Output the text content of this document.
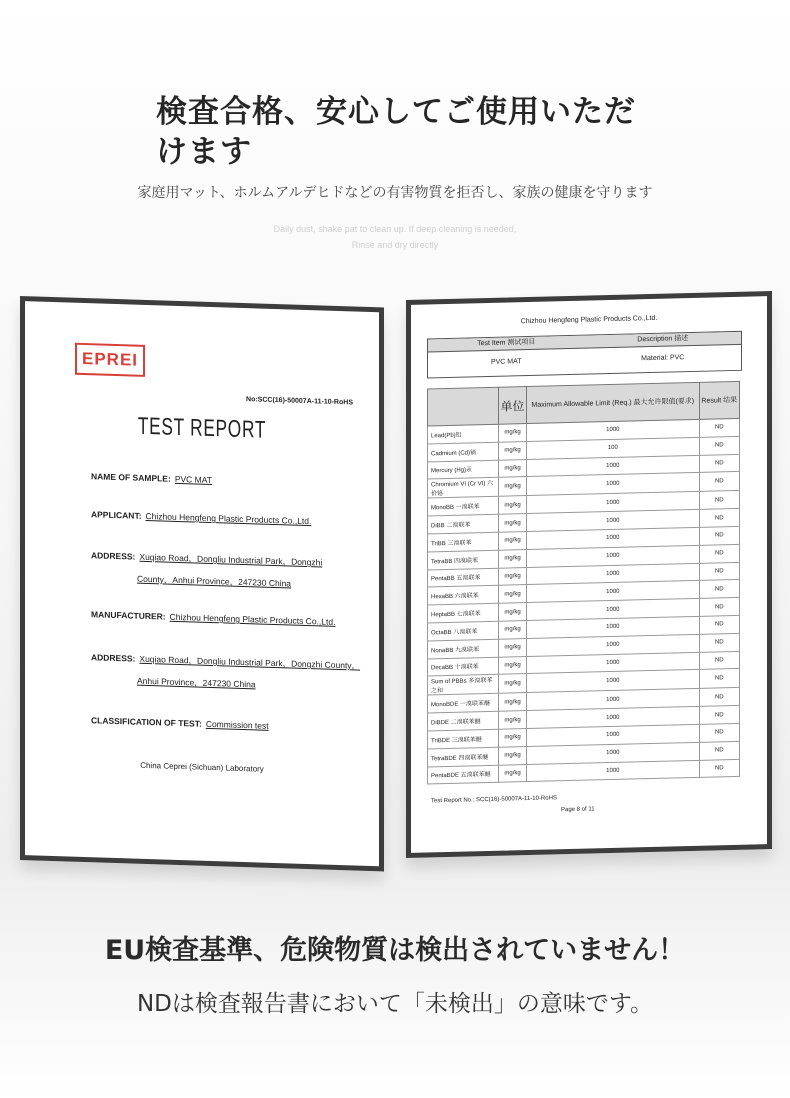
検査合格、安心してご使用いただけます
家庭用マット、ホルムアルデヒドなどの有害物質を拒否し、家族の健康を守ります
Daily dust, shake pat to clean up. If deep cleaning is needed,
Rinse and dry directly
EPREI
No:SCC(16)-50007A-11-10-RoHS
TEST REPORT
NAME OF SAMPLE: PVC MAT
APPLICANT: Chizhou Hengfeng Plastic Products Co.,Ltd.
ADDRESS: Xuqiao Road，Dongliu Industrial Park，Dongzhi
County，Anhui Province，247230 China
MANUFACTURER: Chizhou Hengfeng Plastic Products Co.,Ltd.
ADDRESS: Xuqiao Road，Dongliu Industrial Park，Dongzhi County，
Anhui Province，247230 China
CLASSIFICATION OF TEST: Commission test
China Ceprei (Sichuan) Laboratory
Chizhou Hengfeng Plastic Products Co.,Ltd.
Test Item 测试项目	Description 描述
PVC MAT	Material: PVC
	单位	Maximum Allowable Limit (Req.) 最大允许限值(要求)	Result 结果
Lead(Pb)铅	mg/kg	1000	ND
Cadmium (Cd)镉	mg/kg	100	ND
Mercury (Hg)汞	mg/kg	1000	ND
Chromium VI (Cr VI) 六价铬	mg/kg	1000	ND
MonoBB 一溴联苯	mg/kg	1000	ND
DiBB 二溴联苯	mg/kg	1000	ND
TriBB 三溴联苯	mg/kg	1000	ND
TetraBB 四溴联苯	mg/kg	1000	ND
PentaBB 五溴联苯	mg/kg	1000	ND
HexaBB 六溴联苯	mg/kg	1000	ND
HeptaBB 七溴联苯	mg/kg	1000	ND
OctaBB 八溴联苯	mg/kg	1000	ND
NonaBB 九溴联苯	mg/kg	1000	ND
DecaBB 十溴联苯	mg/kg	1000	ND
Sum of PBBs 多溴联苯之和	mg/kg	1000	ND
MonoBDE 一溴联苯醚	mg/kg	1000	ND
DiBDE 二溴联苯醚	mg/kg	1000	ND
TriBDE 三溴联苯醚	mg/kg	1000	ND
TetraBDE 四溴联苯醚	mg/kg	1000	ND
PentaBDE 五溴联苯醚	mg/kg	1000	ND
Test Report No.: SCC(16)-50007A-11-10-RoHS
Page 8 of 11
EU検査基準、危険物質は検出されていません！
NDは検査報告書において「未検出」の意味です。
